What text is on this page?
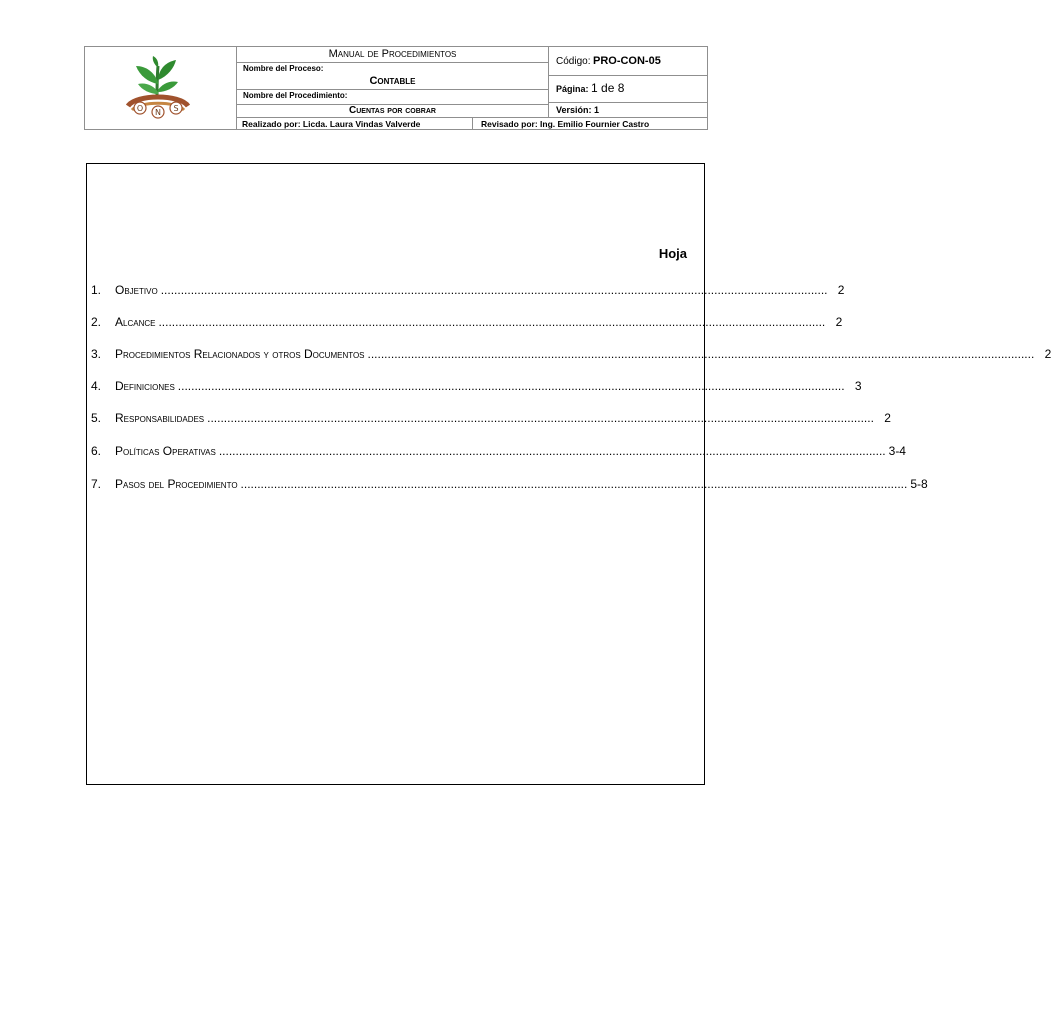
O N S
Manual de Procedimientos
Nombre del Proceso:
Contable
Nombre del Procedimiento:
Cuentas por cobrar
Código: PRO-CON-05
Página: 1 de 8
Versión: 1
Realizado por: Licda. Laura Vindas Valverde	Revisado por: Ing. Emilio Fournier Castro
Hoja
1.	Objetivo ........................................................................................................................................................................................................ 2
2.	Alcance ........................................................................................................................................................................................................ 2
3.	Procedimientos Relacionados y otros Documentos ........................................................................................................................................................................................................ 2
4.	Definiciones ........................................................................................................................................................................................................ 3
5.	Responsabilidades ........................................................................................................................................................................................................ 2
6.	Políticas Operativas ........................................................................................................................................................................................................ 3-4
7.	Pasos del Procedimiento ........................................................................................................................................................................................................ 5-8
